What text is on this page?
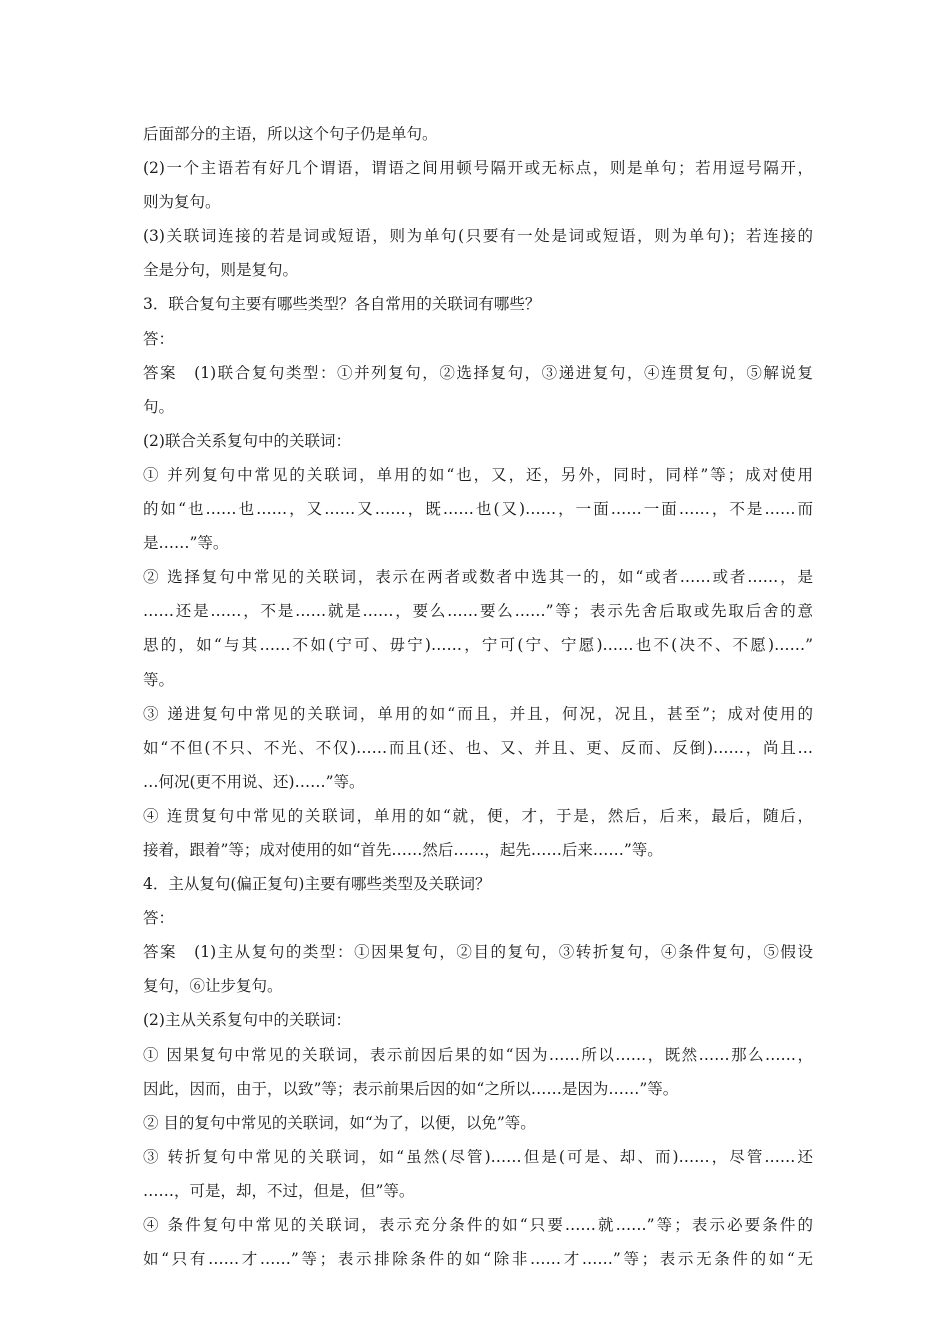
后面部分的主语，所以这个句子仍是单句。
(2)一个主语若有好几个谓语，谓语之间用顿号隔开或无标点，则是单句；若用逗号隔开，
则为复句。
(3)关联词连接的若是词或短语，则为单句(只要有一处是词或短语，则为单句)；若连接的
全是分句，则是复句。
3．联合复句主要有哪些类型？各自常用的关联词有哪些？
答：
答案　(1)联合复句类型：①并列复句，②选择复句，③递进复句，④连贯复句，⑤解说复
句。
(2)联合关系复句中的关联词：
① 并列复句中常见的关联词，单用的如“也，又，还，另外，同时，同样”等；成对使用
的如“也……也……，又……又……，既……也(又)……，一面……一面……，不是……而
是……”等。
② 选择复句中常见的关联词，表示在两者或数者中选其一的，如“或者……或者……，是
……还是……，不是……就是……，要么……要么……”等；表示先舍后取或先取后舍的意
思的，如“与其……不如(宁可、毋宁)……，宁可(宁、宁愿)……也不(决不、不愿)……”
等。
③ 递进复句中常见的关联词，单用的如“而且，并且，何况，况且，甚至”；成对使用的
如“不但(不只、不光、不仅)……而且(还、也、又、并且、更、反而、反倒)……，尚且…
…何况(更不用说、还)……”等。
④ 连贯复句中常见的关联词，单用的如“就，便，才，于是，然后，后来，最后，随后，
接着，跟着”等；成对使用的如“首先……然后……，起先……后来……”等。
4．主从复句(偏正复句)主要有哪些类型及关联词？
答：
答案　(1)主从复句的类型：①因果复句，②目的复句，③转折复句，④条件复句，⑤假设
复句，⑥让步复句。
(2)主从关系复句中的关联词：
① 因果复句中常见的关联词，表示前因后果的如“因为……所以……，既然……那么……，
因此，因而，由于，以致”等；表示前果后因的如“之所以……是因为……”等。
② 目的复句中常见的关联词，如“为了，以便，以免”等。
③ 转折复句中常见的关联词，如“虽然(尽管)……但是(可是、却、而)……，尽管……还
……，可是，却，不过，但是，但”等。
④ 条件复句中常见的关联词，表示充分条件的如“只要……就……”等；表示必要条件的
如“只有……才……”等；表示排除条件的如“除非……才……”等；表示无条件的如“无
